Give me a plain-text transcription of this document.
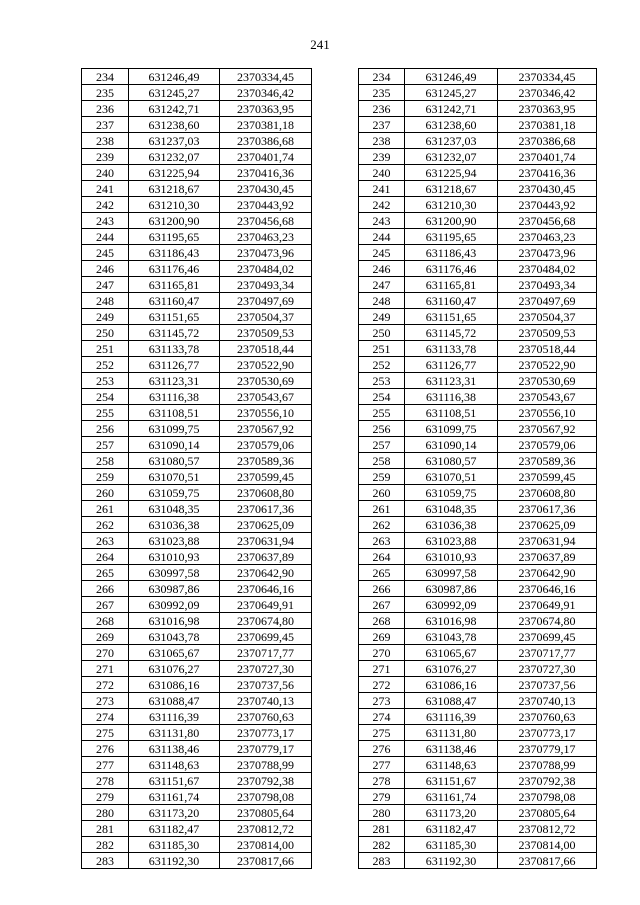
241
234	631246,49	2370334,45		234	631246,49	2370334,45
235	631245,27	2370346,42		235	631245,27	2370346,42
236	631242,71	2370363,95		236	631242,71	2370363,95
237	631238,60	2370381,18		237	631238,60	2370381,18
238	631237,03	2370386,68		238	631237,03	2370386,68
239	631232,07	2370401,74		239	631232,07	2370401,74
240	631225,94	2370416,36		240	631225,94	2370416,36
241	631218,67	2370430,45		241	631218,67	2370430,45
242	631210,30	2370443,92		242	631210,30	2370443,92
243	631200,90	2370456,68		243	631200,90	2370456,68
244	631195,65	2370463,23		244	631195,65	2370463,23
245	631186,43	2370473,96		245	631186,43	2370473,96
246	631176,46	2370484,02		246	631176,46	2370484,02
247	631165,81	2370493,34		247	631165,81	2370493,34
248	631160,47	2370497,69		248	631160,47	2370497,69
249	631151,65	2370504,37		249	631151,65	2370504,37
250	631145,72	2370509,53		250	631145,72	2370509,53
251	631133,78	2370518,44		251	631133,78	2370518,44
252	631126,77	2370522,90		252	631126,77	2370522,90
253	631123,31	2370530,69		253	631123,31	2370530,69
254	631116,38	2370543,67		254	631116,38	2370543,67
255	631108,51	2370556,10		255	631108,51	2370556,10
256	631099,75	2370567,92		256	631099,75	2370567,92
257	631090,14	2370579,06		257	631090,14	2370579,06
258	631080,57	2370589,36		258	631080,57	2370589,36
259	631070,51	2370599,45		259	631070,51	2370599,45
260	631059,75	2370608,80		260	631059,75	2370608,80
261	631048,35	2370617,36		261	631048,35	2370617,36
262	631036,38	2370625,09		262	631036,38	2370625,09
263	631023,88	2370631,94		263	631023,88	2370631,94
264	631010,93	2370637,89		264	631010,93	2370637,89
265	630997,58	2370642,90		265	630997,58	2370642,90
266	630987,86	2370646,16		266	630987,86	2370646,16
267	630992,09	2370649,91		267	630992,09	2370649,91
268	631016,98	2370674,80		268	631016,98	2370674,80
269	631043,78	2370699,45		269	631043,78	2370699,45
270	631065,67	2370717,77		270	631065,67	2370717,77
271	631076,27	2370727,30		271	631076,27	2370727,30
272	631086,16	2370737,56		272	631086,16	2370737,56
273	631088,47	2370740,13		273	631088,47	2370740,13
274	631116,39	2370760,63		274	631116,39	2370760,63
275	631131,80	2370773,17		275	631131,80	2370773,17
276	631138,46	2370779,17		276	631138,46	2370779,17
277	631148,63	2370788,99		277	631148,63	2370788,99
278	631151,67	2370792,38		278	631151,67	2370792,38
279	631161,74	2370798,08		279	631161,74	2370798,08
280	631173,20	2370805,64		280	631173,20	2370805,64
281	631182,47	2370812,72		281	631182,47	2370812,72
282	631185,30	2370814,00		282	631185,30	2370814,00
283	631192,30	2370817,66		283	631192,30	2370817,66
